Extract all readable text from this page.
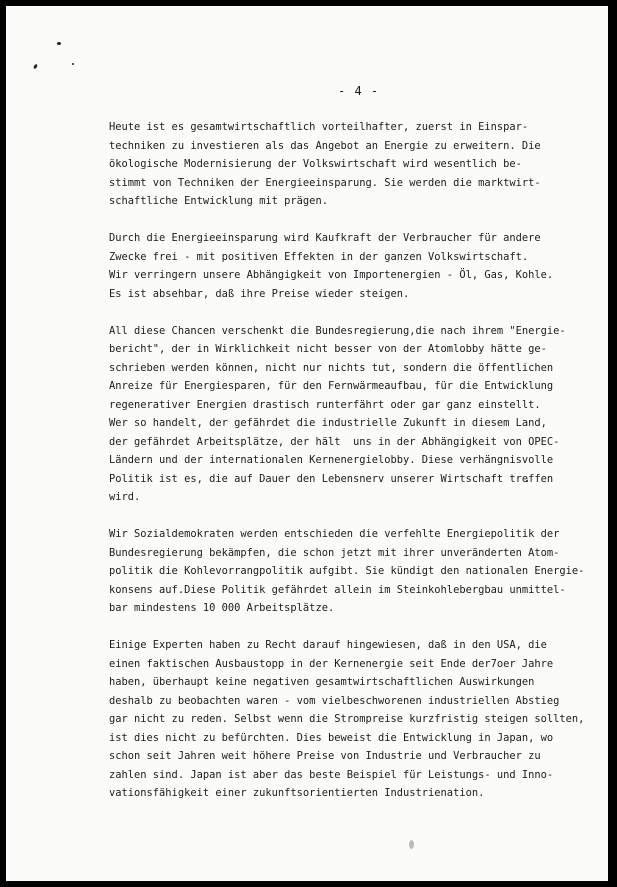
- 4 -
Heute ist es gesamtwirtschaftlich vorteilhafter, zuerst in Einspar-
techniken zu investieren als das Angebot an Energie zu erweitern. Die
ökologische Modernisierung der Volkswirtschaft wird wesentlich be-
stimmt von Techniken der Energieeinsparung. Sie werden die marktwirt-
schaftliche Entwicklung mit prägen.
Durch die Energieeinsparung wird Kaufkraft der Verbraucher für andere
Zwecke frei - mit positiven Effekten in der ganzen Volkswirtschaft.
Wir verringern unsere Abhängigkeit von Importenergien - Öl, Gas, Kohle.
Es ist absehbar, daß ihre Preise wieder steigen.
All diese Chancen verschenkt die Bundesregierung,die nach ihrem "Energie-
bericht", der in Wirklichkeit nicht besser von der Atomlobby hätte ge-
schrieben werden können, nicht nur nichts tut, sondern die öffentlichen
Anreize für Energiesparen, für den Fernwärmeaufbau, für die Entwicklung
regenerativer Energien drastisch runterfährt oder gar ganz einstellt.
Wer so handelt, der gefährdet die industrielle Zukunft in diesem Land,
der gefährdet Arbeitsplätze, der hält  uns in der Abhängigkeit von OPEC-
Ländern und der internationalen Kernenergielobby. Diese verhängnisvolle
Politik ist es, die auf Dauer den Lebensnerv unserer Wirtschaft treffen
wird.
Wir Sozialdemokraten werden entschieden die verfehlte Energiepolitik der
Bundesregierung bekämpfen, die schon jetzt mit ihrer unveränderten Atom-
politik die Kohlevorrangpolitik aufgibt. Sie kündigt den nationalen Energie-
konsens auf.Diese Politik gefährdet allein im Steinkohlebergbau unmittel-
bar mindestens 10 000 Arbeitsplätze.
Einige Experten haben zu Recht darauf hingewiesen, daß in den USA, die
einen faktischen Ausbaustopp in der Kernenergie seit Ende der7oer Jahre
haben, überhaupt keine negativen gesamtwirtschaftlichen Auswirkungen
deshalb zu beobachten waren - vom vielbeschworenen industriellen Abstieg
gar nicht zu reden. Selbst wenn die Strompreise kurzfristig steigen sollten,
ist dies nicht zu befürchten. Dies beweist die Entwicklung in Japan, wo
schon seit Jahren weit höhere Preise von Industrie und Verbraucher zu
zahlen sind. Japan ist aber das beste Beispiel für Leistungs- und Inno-
vationsfähigkeit einer zukunftsorientierten Industrienation.
